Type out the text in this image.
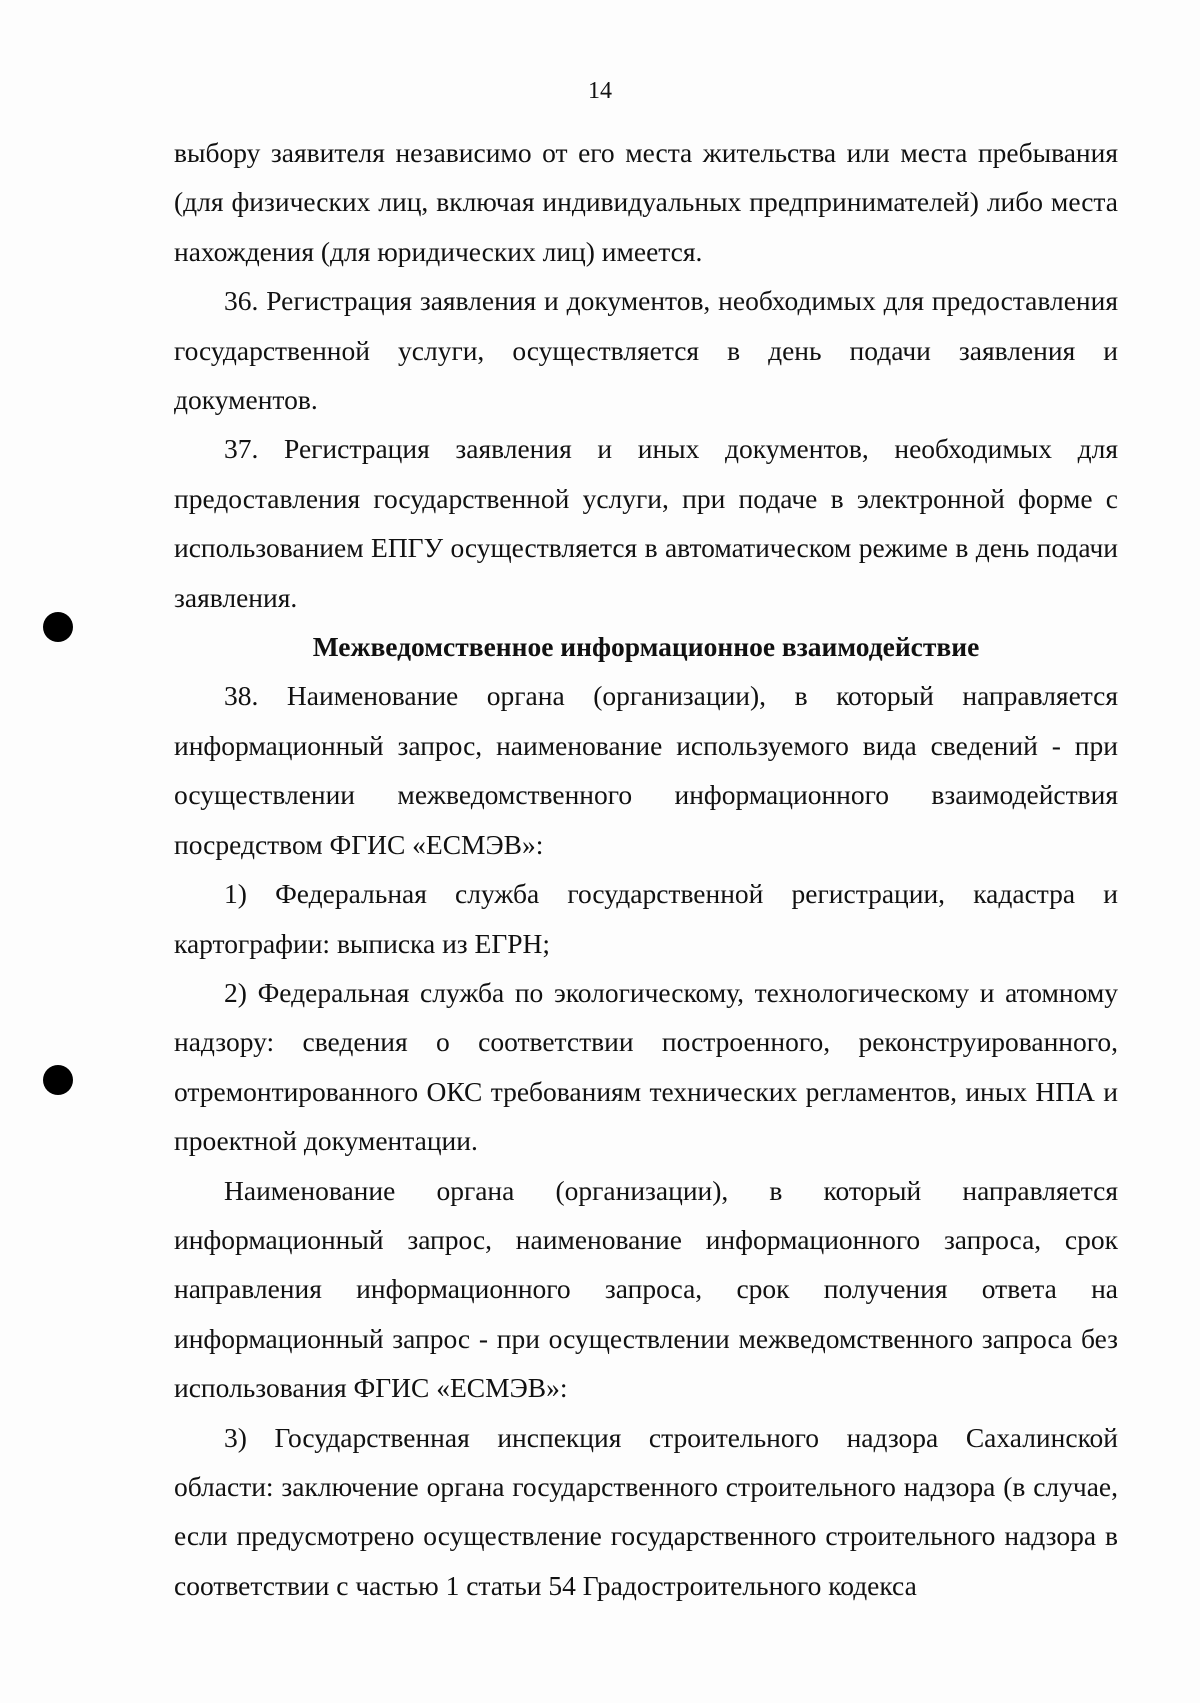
14

выбору заявителя независимо от его места жительства или места пребывания (для физических лиц, включая индивидуальных предпринимателей) либо места нахождения (для юридических лиц) имеется.

36. Регистрация заявления и документов, необходимых для предоставления государственной услуги, осуществляется в день подачи заявления и документов.

37. Регистрация заявления и иных документов, необходимых для предоставления государственной услуги, при подаче в электронной форме с использованием ЕПГУ осуществляется в автоматическом режиме в день подачи заявления.

Межведомственное информационное взаимодействие

38. Наименование органа (организации), в который направляется информационный запрос, наименование используемого вида сведений - при осуществлении межведомственного информационного взаимодействия посредством ФГИС «ЕСМЭВ»:

1) Федеральная служба государственной регистрации, кадастра и картографии: выписка из ЕГРН;

2) Федеральная служба по экологическому, технологическому и атомному надзору: сведения о соответствии построенного, реконструированного, отремонтированного ОКС требованиям технических регламентов, иных НПА и проектной документации.

Наименование органа (организации), в который направляется информационный запрос, наименование информационного запроса, срок направления информационного запроса, срок получения ответа на информационный запрос - при осуществлении межведомственного запроса без использования ФГИС «ЕСМЭВ»:

3) Государственная инспекция строительного надзора Сахалинской области: заключение органа государственного строительного надзора (в случае, если предусмотрено осуществление государственного строительного надзора в соответствии с частью 1 статьи 54 Градостроительного кодекса
